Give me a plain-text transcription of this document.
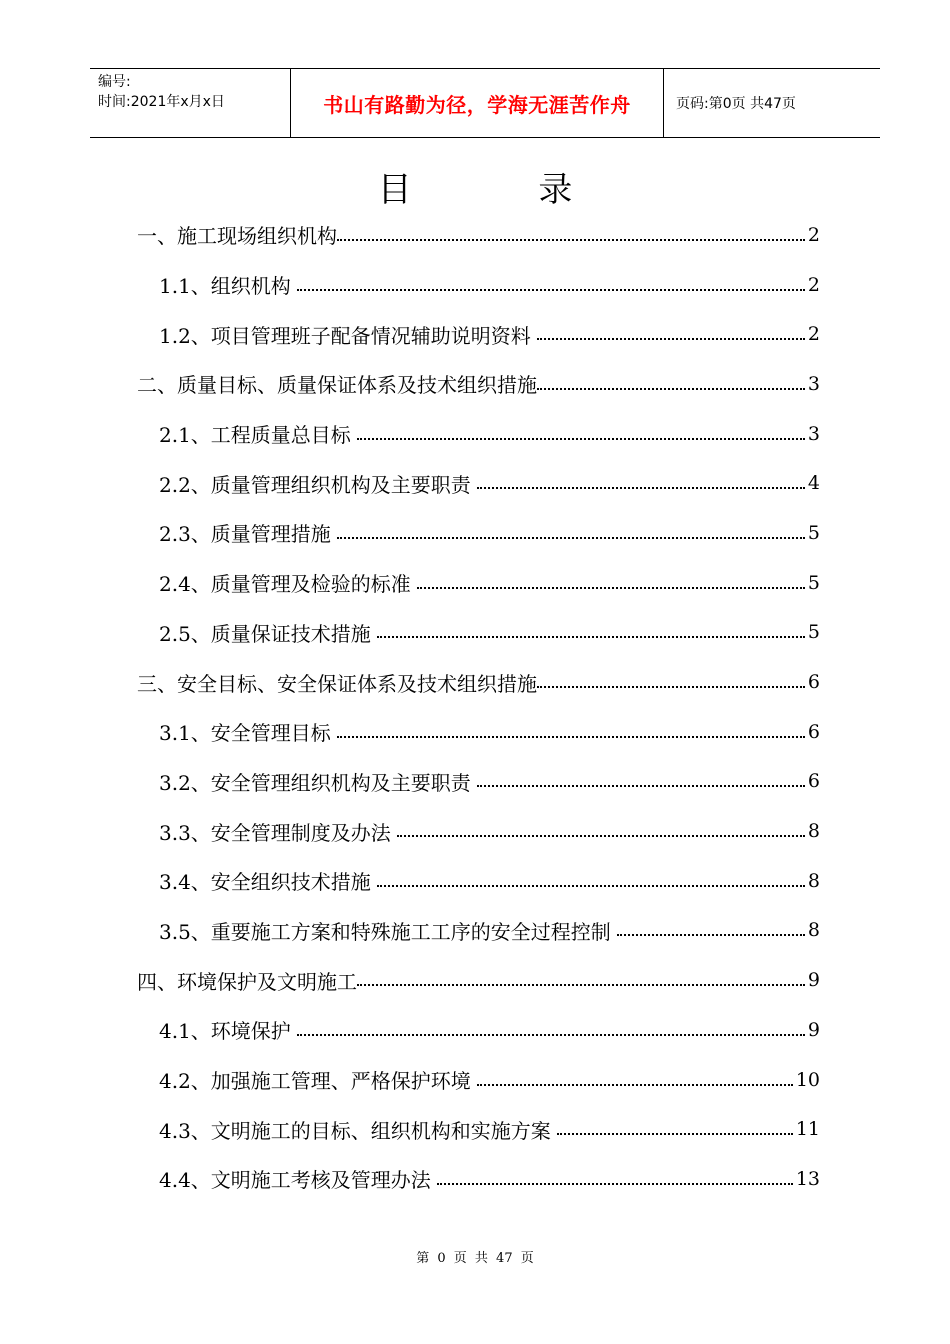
编号:
时间:2021年x月x日	书山有路勤为径，学海无涯苦作舟	页码:第0页 共47页
目 录
一、施工现场组织机构	2
1.1、组织机构	2
1.2、项目管理班子配备情况辅助说明资料	2
二、质量目标、质量保证体系及技术组织措施	3
2.1、工程质量总目标	3
2.2、质量管理组织机构及主要职责	4
2.3、质量管理措施	5
2.4、质量管理及检验的标准	5
2.5、质量保证技术措施	5
三、安全目标、安全保证体系及技术组织措施	6
3.1、安全管理目标	6
3.2、安全管理组织机构及主要职责	6
3.3、安全管理制度及办法	8
3.4、安全组织技术措施	8
3.5、重要施工方案和特殊施工工序的安全过程控制	8
四、环境保护及文明施工	9
4.1、环境保护	9
4.2、加强施工管理、严格保护环境	10
4.3、文明施工的目标、组织机构和实施方案	11
4.4、文明施工考核及管理办法	13
第 0 页 共 47 页
